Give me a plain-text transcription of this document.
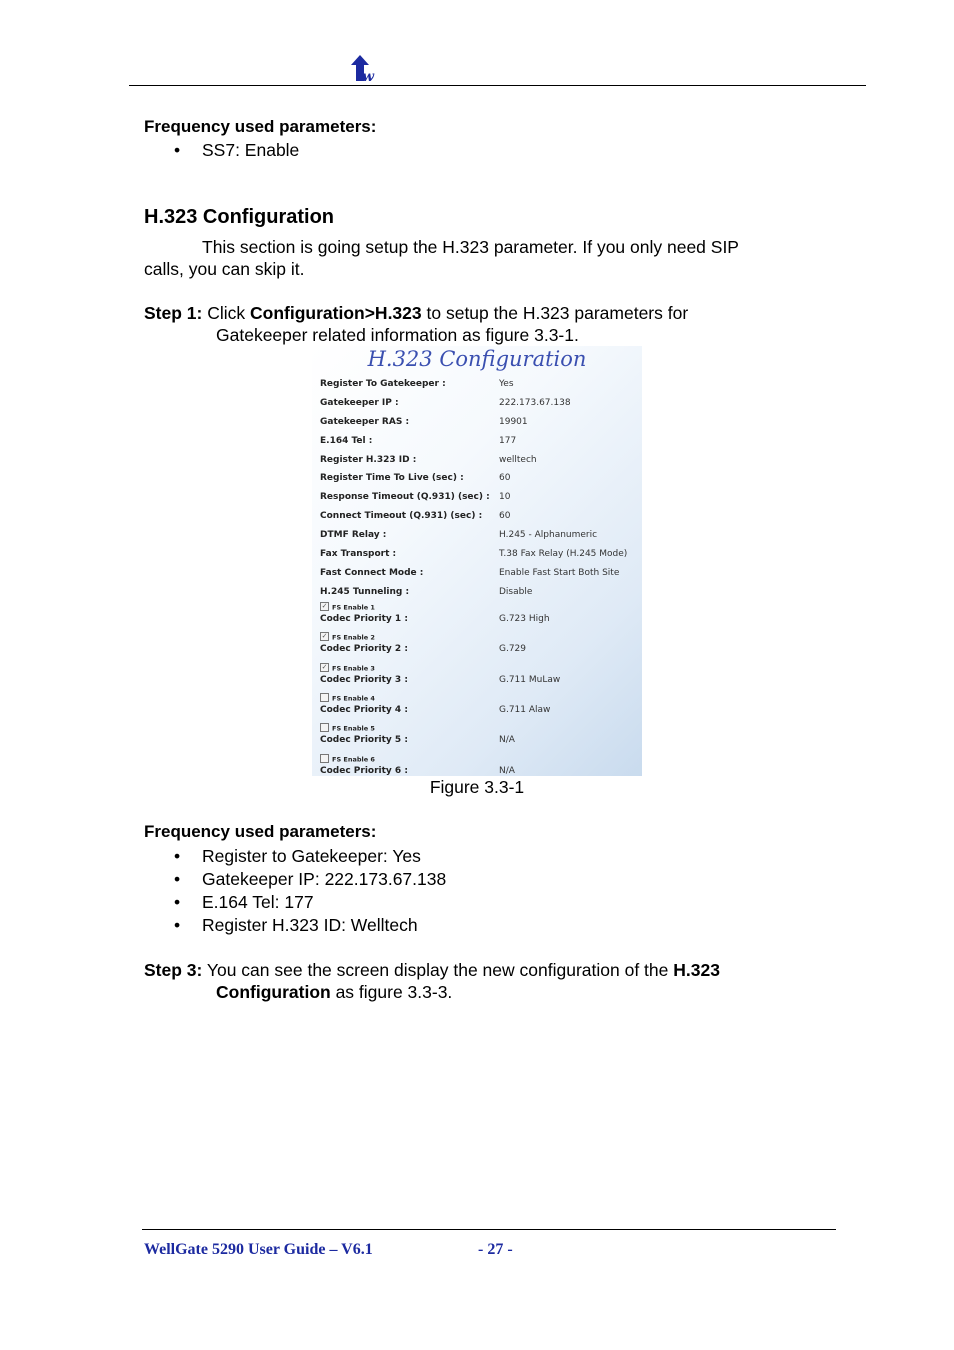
w
Frequency used parameters:
• SS7: Enable
H.323 Configuration
This section is going setup the H.323 parameter. If you only need SIP
calls, you can skip it.
Step 1: Click Configuration>H.323 to setup the H.323 parameters for
Gatekeeper related information as figure 3.3-1.
H.323 Configuration
Register To Gatekeeper :	Yes
Gatekeeper IP :	222.173.67.138
Gatekeeper RAS :	19901
E.164 Tel :	177
Register H.323 ID :	welltech
Register Time To Live (sec) :	60
Response Timeout (Q.931) (sec) : 10
Connect Timeout (Q.931) (sec) : 60
DTMF Relay :	H.245 - Alphanumeric
Fax Transport :	T.38 Fax Relay (H.245 Mode)
Fast Connect Mode :	Enable Fast Start Both Site
H.245 Tunneling :	Disable
✓ FS Enable 1
Codec Priority 1 :	G.723 High
✓ FS Enable 2
Codec Priority 2 :	G.729
✓ FS Enable 3
Codec Priority 3 :	G.711 MuLaw
FS Enable 4
Codec Priority 4 :	G.711 Alaw
FS Enable 5
Codec Priority 5 :	N/A
FS Enable 6
Codec Priority 6 :	N/A
Figure 3.3-1
Frequency used parameters:
• Register to Gatekeeper: Yes
• Gatekeeper IP: 222.173.67.138
• E.164 Tel: 177
• Register H.323 ID: Welltech
Step 3: You can see the screen display the new configuration of the H.323
Configuration as figure 3.3-3.
WellGate 5290 User Guide – V6.1	- 27 -
